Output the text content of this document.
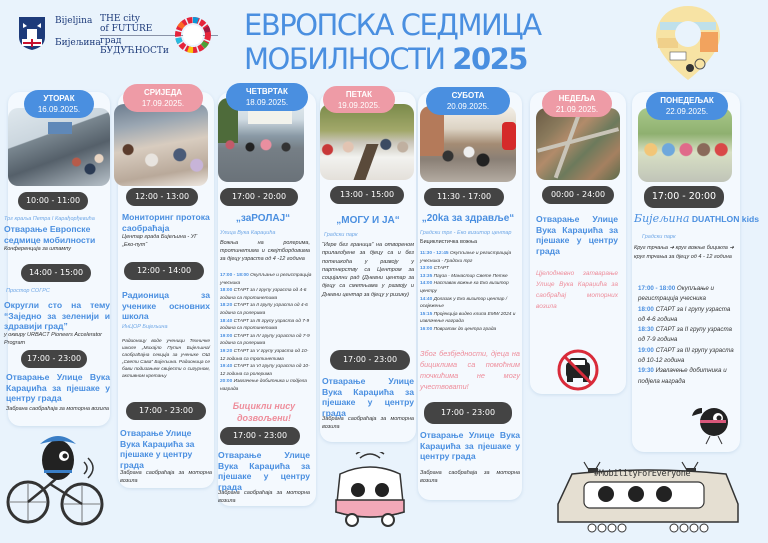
Bijeljina
Бијељина
THE city
of FUTURE
град
БУДУЋНОСТи
ЕВРОПСКА СЕДМИЦА
МОБИЛНОСТИ 2025
УТОРАК
16.09.2025.
10:00 - 11:00
Трг краља Петра I Карађорђевића
Отварање Европске седмице мобилности
Конференција за штампу
14:00 - 15:00
Простор СОГРС
Округли сто на тему “Заједно за зеленији и здравији град”
у оквиру URBACT Pioneers Accelerator Program
17:00 - 23:00
Отварање Улице Вука Караџића за пјешаке у центру града
Забрана саобраћаја за моторна возила
СРИЈЕДА
17.09.2025.
12:00 - 13:00
Мониторинг протока саобраћаја
Центар града Бијељина - УГ „Еко-пут“
12:00 - 14:00
Радионица за ученике основних школа
ИнЦОР Бијељина
Радионицу воде ученици Техничке школе „Михајло Пупин Бијељина/ саобраћајна секција за ученике ОШ „Свети Сава“ Бијељина. Радионица се бави подизањем свијести о сигурном, активном кретању
17:00 - 23:00
Отварање Улице Вука Караџића за пјешаке у центру града
Забрана саобраћаја за моторна возила
ЧЕТВРТАК
18.09.2025.
17:00 - 20:00
„заРОЛАЈ“
Улица Вука Караџића
Вожња на ролерима, тротинетима и скејтбордовима за дјецу узраста од 4 -12 година
17:00 - 18:00 Окупљање и регистрација учесника
18:00 СТАРТ за I групу узраста од 4-6 година са тротинетима
18:20 СТАРТ за II групу узраста од 4-6 година са ролерима
18:40 СТАРТ за III групу узраста од 7-9 година са тротинетима
19:00 СТАРТ за IV групу узраста од 7-9 година са ролерима
19:20 СТАРТ за V групу узраста од 10-12 година са тротинетима
19:40 СТАРТ за VI групу узраста од 10-12 година са ролерима
20:00 Извлачење добитника и подјела награда
Бицикли нису дозвољени!
17:00 - 23:00
Отварање Улице Вука Караџића за пјешаке у центру града
Забрана саобраћаја за моторна возила
ПЕТАК
19.09.2025.
13:00 - 15:00
„МОГУ И ЈА“
Градски парк
“Игре без граница” на отвореном прилагођене за дјецу са и без потешкоћа у развоју у партнерству са Центром за социјални рад (Дневни центар за дјецу са сметњама у развоју и Дневни центар за дјецу у ризику)
17:00 - 23:00
Отварање Улице Вука Караџића за пјешаке у центру града
Забрана саобраћаја за моторна возила
СУБОТА
20.09.2025.
11:30 - 17:00
„20ka за здравље“
Градски трг - Еко визитор центар
Бициклистичка вожња
11:30 - 12:45 Окупљање и регистрација учесника - Градски трг
13:00 СТАРТ
13:35 Пауза - Манастир Свете Петке
14:00 Наставак вожње ка Еко визитор центру
14:40 Долазак у Еко визитор центар / освјежење
15:15 Пројекција видео клипа EMW 2024 и извлачење награда
16:00 Повратак до центра града
Због безбједности, дјеца на бициклима са помоћним точкићима не могу учествовати!
17:00 - 23:00
Отварање Улице Вука Караџића за пјешаке у центру града
Забрана саобраћаја за моторна возила
НЕДЕЉА
21.09.2025.
00:00 - 24:00
Отварање Улице Вука Караџића за пјешаке у центру града
Цјелодневно затварање Улице Вука Караџића за саобраћај моторних возила
ПОНЕДЕЉАК
22.09.2025.
17:00 - 20:00
Бијељина DUATHLON kids
Градски парк
Круг трчања ➜ круг вожње бицикла ➜ круг трчања за дјецу од 4 - 12 година
17:00 - 18:00 Окупљање и регистрација учесника
18:00 СТАРТ за I групу узраста од 4-6 година
18:30 СТАРТ за II групу узраста од 7-9 година
19:00 СТАРТ за III групу узраста од 10-12 година
19:30 Извлачење добитника и подјела награда
#MobilityForEveryone
